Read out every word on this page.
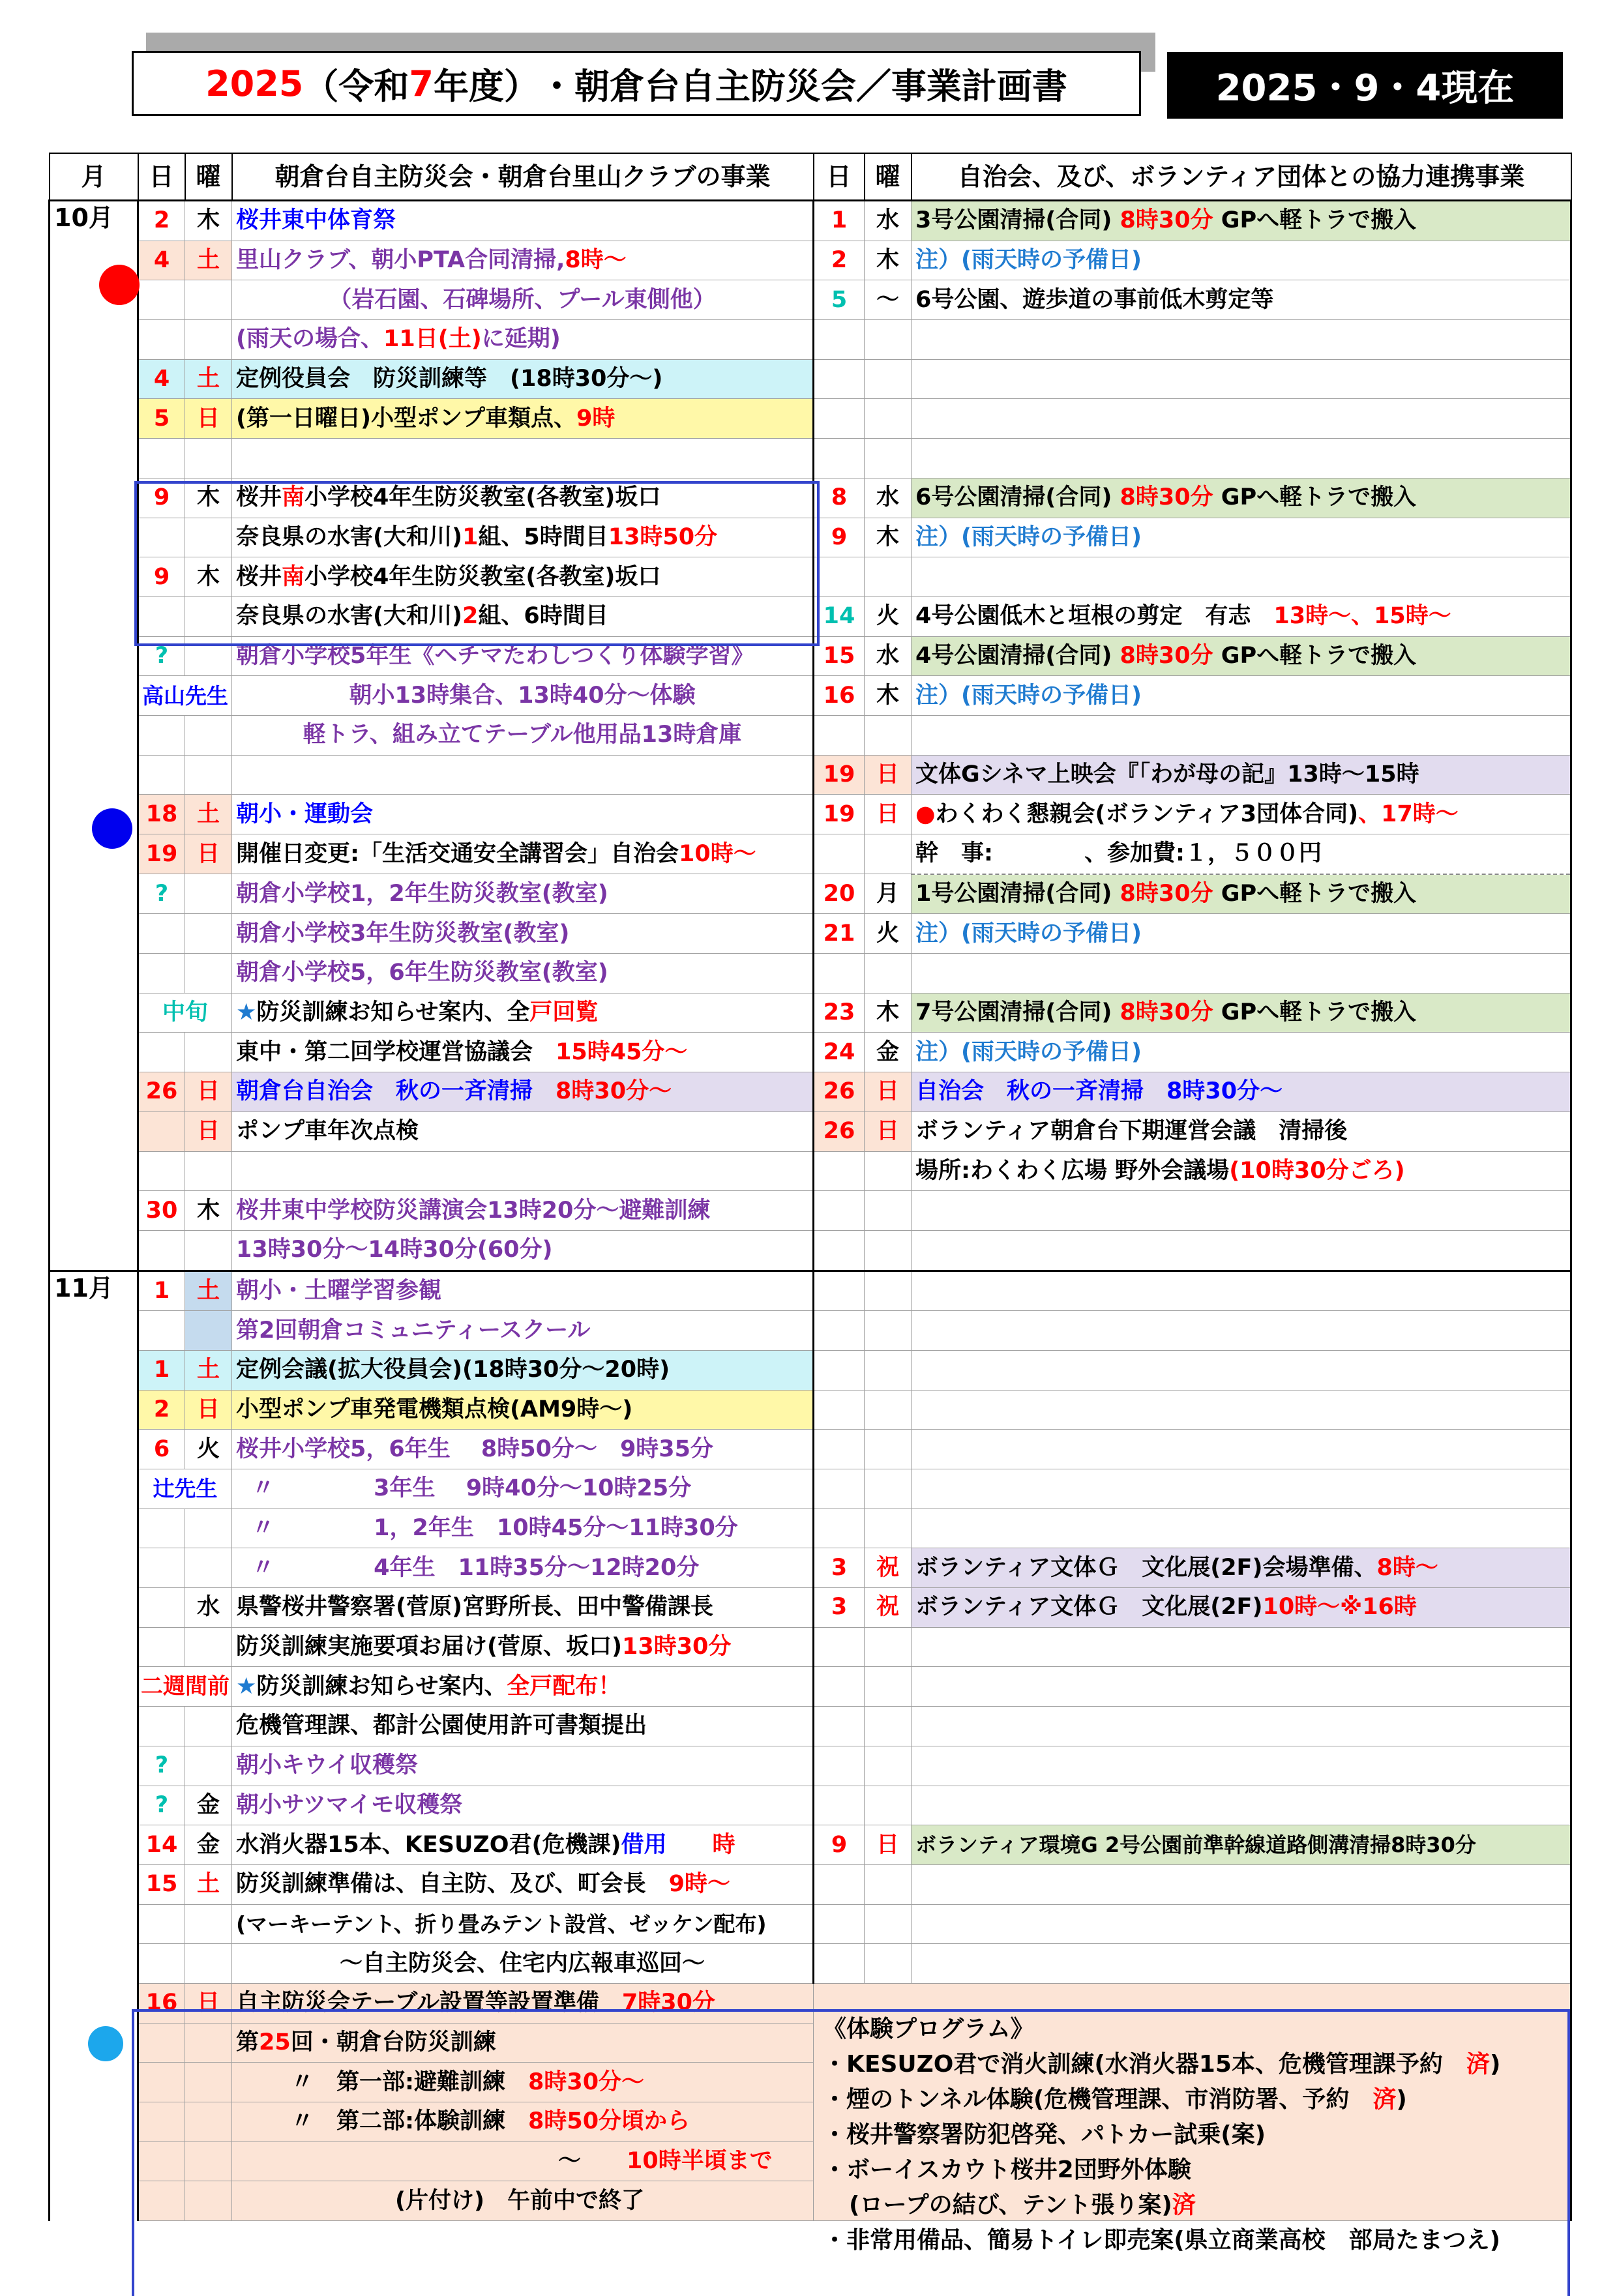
2025 （令和 7 年度） ・朝倉台自主防災会／事業計画書	2025・9・4現在
月	日	曜	朝倉台自主防災会・朝倉台里山クラブの事業	日	曜	自治会、及び、ボランティア団体との協力連携事業
10月	2	木	桜井東中体育祭	1	水	3号公園清掃(合同) 8時30分 GPへ軽トラで搬入
	4	土	里山クラブ、朝小PTA合同清掃,8時～	2	木	注）(雨天時の予備日)
			（岩石園、石碑場所、プール東側他）	5	～	6号公園、遊歩道の事前低木剪定等
			(雨天の場合、11日(土)に延期)			
	4	土	定例役員会　防災訓練等　(18時30分～)			
	5	日	(第一日曜日)小型ポンプ車類点、9時			

	9	木	桜井南小学校4年生防災教室(各教室)坂口	8	水	6号公園清掃(合同) 8時30分 GPへ軽トラで搬入
			奈良県の水害(大和川)1組、5時間目13時50分	9	木	注）(雨天時の予備日)
	9	木	桜井南小学校4年生防災教室(各教室)坂口			
			奈良県の水害(大和川)2組、6時間目	14	火	4号公園低木と垣根の剪定　有志　13時～、15時～
	?		朝倉小学校5年生《ヘチマたわしつくり体験学習》	15	水	4号公園清掃(合同) 8時30分 GPへ軽トラで搬入
	高山先生		朝小13時集合、13時40分～体験	16	木	注）(雨天時の予備日)
			軽トラ、組み立てテーブル他用品13時倉庫			
				19	日	文体Gシネマ上映会『「わが母の記』13時～15時
	18	土	朝小・運動会	19	日	●わくわく懇親会(ボランティア3団体合同)、17時～
	19	日	開催日変更:「生活交通安全講習会」自治会10時～			幹　事:　　　　、参加費:１，５００円
	?		朝倉小学校1，2年生防災教室(教室)	20	月	1号公園清掃(合同) 8時30分 GPへ軽トラで搬入
			朝倉小学校3年生防災教室(教室)	21	火	注）(雨天時の予備日)
			朝倉小学校5，6年生防災教室(教室)			
	中旬		★防災訓練お知らせ案内、全戸回覧	23	木	7号公園清掃(合同) 8時30分 GPへ軽トラで搬入
			東中・第二回学校運営協議会　15時45分～	24	金	注）(雨天時の予備日)
	26	日	朝倉台自治会　秋の一斉清掃　8時30分～	26	日	自治会　秋の一斉清掃　8時30分～
		日	ポンプ車年次点検	26	日	ボランティア朝倉台下期運営会議　清掃後
						場所:わくわく広場 野外会議場(10時30分ごろ)
	30	木	桜井東中学校防災講演会13時20分～避難訓練			
			13時30分～14時30分(60分)			
11月	1	土	朝小・土曜学習参観			
			第2回朝倉コミュニティースクール			
	1	土	定例会議(拡大役員会)(18時30分～20時)			
	2	日	小型ポンプ車発電機類点検(AM9時～)			
	6	火	桜井小学校5，6年生　 8時50分～　9時35分			
	辻先生		〃　　　　 3年生　 9時40分～10時25分			
			〃　　　　 1，2年生　10時45分～11時30分			
			〃　　　　 4年生　11時35分～12時20分	3	祝	ボランティア文体Ｇ　文化展(2F)会場準備、8時～
		水	県警桜井警察署(菅原)宮野所長、田中警備課長	3	祝	ボランティア文体Ｇ　文化展(2F)10時～※16時
			防災訓練実施要項お届け(菅原、坂口)13時30分			
	二週間前		★防災訓練お知らせ案内、全戸配布！			
			危機管理課、都計公園使用許可書類提出			
	?		朝小キウイ収穫祭			
	?	金	朝小サツマイモ収穫祭			
	14	金	水消火器15本、KESUZO君(危機課)借用　　時	9	日	ボランティア環境G 2号公園前準幹線道路側溝清掃8時30分
	15	土	防災訓練準備は、自主防、及び、町会長　9時～			
			(マーキーテント、折り畳みテント設営、ゼッケン配布)			
			～自主防災会、住宅内広報車巡回～			
	16	日	自主防災会テーブル設置等設置準備　7時30分			
			第25回・朝倉台防災訓練			
			〃　第一部:避難訓練　8時30分～			
			〃　第二部:体験訓練　8時50分頃から			
			～　　10時半頃まで			
			(片付け)　午前中で終了			
《体験プログラム》
・KESUZO君で消火訓練(水消火器15本、危機管理課予約　済)
・煙のトンネル体験(危機管理課、市消防署、予約　済)
・桜井警察署防犯啓発、パトカー試乗(案)
・ボーイスカウト桜井2団野外体験
(ロープの結び、テント張り案)済
・非常用備品、簡易トイレ即売案(県立商業高校　部局たまつえ)
